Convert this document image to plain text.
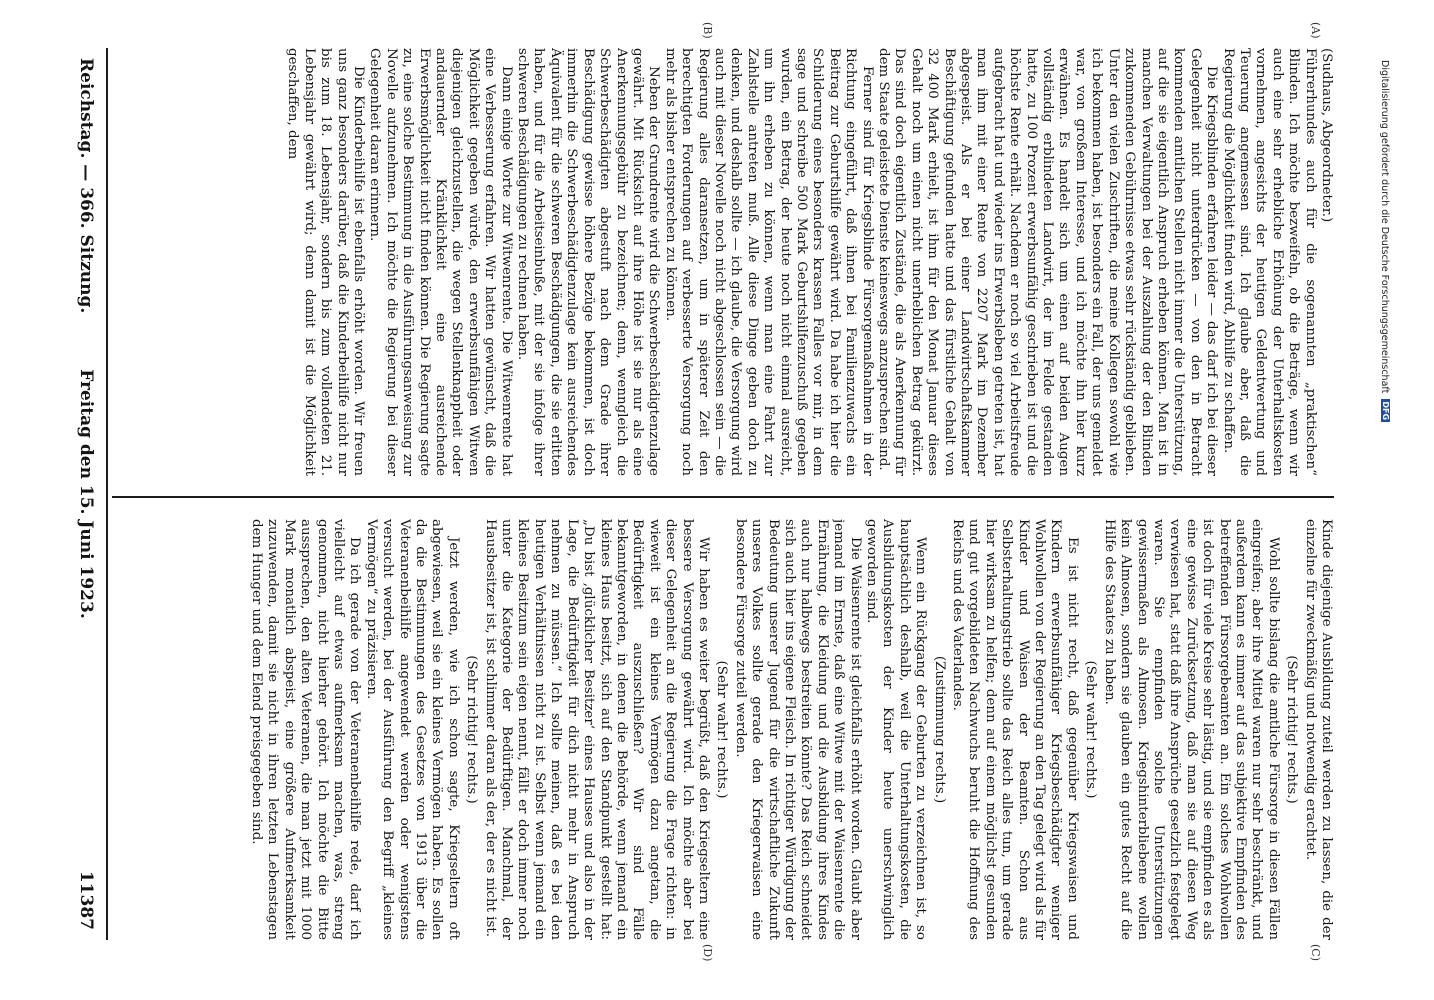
Reichstag. — 366. Sitzung.
Freitag den 15. Juni 1923.
11387
(A)
(B)
(C)
(D)

(Sudhaus, Abgeordneter.)

Führerhundes auch für die sogenannten „praktischen“ Blinden. Ich möchte bezweifeln, ob die Beträge, wenn wir auch eine sehr erhebliche Erhöhung der Unterhaltskosten vornehmen, angesichts der heutigen Geldentwertung und Teuerung angemessen sind. Ich glaube aber, daß die Regierung die Möglichkeit finden wird, Abhilfe zu schaffen.

Die Kriegsblinden erfahren leider — das darf ich bei dieser Gelegenheit nicht unterdrücken — von den in Betracht kommenden amtlichen Stellen nicht immer die Unterstützung, auf die sie eigentlich Anspruch erheben können. Man ist in manchen Verwaltungen bei der Auszahlung der den Blinden zukommenden Gebührnisse etwas sehr rückständig geblieben. Unter den vielen Zuschriften, die meine Kollegen sowohl wie ich bekommen haben, ist besonders ein Fall, der uns gemeldet war, von großem Interesse, und ich möchte ihn hier kurz erwähnen. Es handelt sich um einen auf beiden Augen vollständig erblindeten Landwirt, der im Felde gestanden hatte, zu 100 Prozent erwerbsunfähig geschrieben ist und die höchste Rente erhält. Nachdem er noch so viel Arbeitsfreude aufgebracht hat und wieder ins Erwerbsleben getreten ist, hat man ihm mit einer Rente von 2207 Mark im Dezember abgespeist. Als er bei einer Landwirtschaftskammer Beschäftigung gefunden hatte und das fürstliche Gehalt von 32 400 Mark erhielt, ist ihm für den Monat Januar dieses Gehalt noch um einen nicht unerheblichen Betrag gekürzt. Das sind doch eigentlich Zustände, die als Anerkennung für dem Staate geleistete Dienste keineswegs anzusprechen sind.

Ferner sind für Kriegsblinde Fürsorgemaßnahmen in der Richtung eingeführt, daß ihnen bei Familienzuwachs ein Beitrag zur Geburtshilfe gewährt wird. Da habe ich hier die Schilderung eines besonders krassen Falles vor mir, in dem sage und schreibe 500 Mark Geburtshilfenzuschuß gegeben wurden, ein Betrag, der heute noch nicht einmal ausreicht, um ihn erheben zu können, wenn man eine Fahrt zur Zahlstelle antreten muß. Alle diese Dinge geben doch zu denken, und deshalb sollte — ich glaube, die Versorgung wird auch mit dieser Novelle noch nicht abgeschlossen sein — die Regierung alles daransetzen, um in späterer Zeit den berechtigten Forderungen auf verbesserte Versorgung noch mehr als bisher entsprechen zu können.

Neben der Grundrente wird die Schwerbeschädigtenzulage gewährt. Mit Rücksicht auf ihre Höhe ist sie nur als eine Anerkennungsgebühr zu bezeichnen; denn, wenngleich die Schwerbeschädigten abgestuft nach dem Grade ihrer Beschädigung gewisse höhere Bezüge bekommen, ist doch immerhin die Schwerbeschädigtenzulage kein ausreichendes Äquivalent für die schweren Beschädigungen, die sie erlitten haben, und für die Arbeitseinbuße, mit der sie infolge ihrer schweren Beschädigungen zu rechnen haben.

Dann einige Worte zur Witwenrente. Die Witwenrente hat eine Verbesserung erfahren. Wir hatten gewünscht, daß die Möglichkeit gegeben würde, den erwerbsunfähigen Witwen diejenigen gleichzustellen, die wegen Stellenknappheit oder andauernder Kränklichkeit eine ausreichende Erwerbsmöglichkeit nicht finden können. Die Regierung sagte zu, eine solche Bestimmung in die Ausführungsanweisung zur Novelle aufzunehmen. Ich möchte die Regierung bei dieser Gelegenheit daran erinnern.

Die Kinderbeihilfe ist ebenfalls erhöht worden. Wir freuen uns ganz besonders darüber, daß die Kinderbeihilfe nicht nur bis zum 18. Lebensjahr, sondern bis zum vollendeten 21. Lebensjahr gewährt wird; denn damit ist die Möglichkeit geschaffen, dem

Kinde diejenige Ausbildung zuteil werden zu lassen, die der einzelne für zweckmäßig und notwendig erachtet.

(Sehr richtig! rechts.)

Wohl sollte bislang die amtliche Fürsorge in diesen Fällen eingreifen; aber ihre Mittel waren nur sehr beschränkt, und außerdem kann es immer auf das subjektive Empfinden des betreffenden Fürsorgebeamten an. Ein solches Wohlwollen ist doch für viele Kreise sehr lästig, und sie empfinden es als eine gewisse Zurücksetzung, daß man sie auf diesen Weg verwiesen hat, statt daß ihre Ansprüche gesetzlich festgelegt waren. Sie empfinden solche Unterstützungen gewissermaßen als Almosen. Kriegshinterbliebene wollen kein Almosen, sondern sie glauben ein gutes Recht auf die Hilfe des Staates zu haben.

(Sehr wahr! rechts.)

Es ist nicht recht, daß gegenüber Kriegswaisen und Kindern erwerbsunfähiger Kriegsbeschädigter weniger Wohlwollen von der Regierung an den Tag gelegt wird als für Kinder und Waisen der Beamten. Schon aus Selbsterhaltungstrieb sollte das Reich alles tun, um gerade hier wirksam zu helfen; denn auf einem möglichst gesunden und gut vorgebildeten Nachwuchs beruht die Hoffnung des Reichs und des Vaterlandes.

(Zustimmung rechts.)

Wenn ein Rückgang der Geburten zu verzeichnen ist, so hauptsächlich deshalb, weil die Unterhaltungskosten, die Ausbildungskosten der Kinder heute unerschwinglich geworden sind.

Die Waisenrente ist gleichfalls erhöht worden. Glaubt aber jemand im Ernste, daß eine Witwe mit der Waisenrente die Ernährung, die Kleidung und die Ausbildung ihres Kindes auch nur halbwegs bestreiten könnte? Das Reich schneidet sich auch hier ins eigene Fleisch. In richtiger Würdigung der Bedeutung unserer Jugend für die wirtschaftliche Zukunft unseres Volkes sollte gerade den Kriegerwaisen eine besondere Fürsorge zuteil werden.

(Sehr wahr! rechts.)

Wir haben es weiter begrüßt, daß den Kriegseltern eine bessere Versorgung gewährt wird. Ich möchte aber bei dieser Gelegenheit an die Regierung die Frage richten: in wieweit ist ein kleines Vermögen dazu angetan, die Bedürftigkeit auszuschließen? Wir sind Fälle bekanntgeworden, in denen die Behörde, wenn jemand ein kleines Haus besitzt, sich auf den Standpunkt gestellt hat: „Du bist ‚glücklicher Besitzer‘ eines Hauses und also in der Lage, die Bedürftigkeit für dich nicht mehr in Anspruch nehmen zu müssen.“ Ich sollte meinen, daß es bei den heutigen Verhältnissen nicht zu ist. Selbst wenn jemand ein kleines Besitzum sein eigen nennt, fällt er doch immer noch unter die Kategorie der Bedürftigen. Manchmal, der Hausbesitzer ist, ist schlimmer daran als der, der es nicht ist.

(Sehr richtig! rechts.)

Jetzt werden, wie ich schon sagte, Kriegseltern oft abgewiesen, weil sie ein kleines Vermögen haben. Es sollen da die Bestimmungen des Gesetzes von 1913 über die Veteranenbeihilfe angewendet werden oder wenigstens versucht werden, bei der Ausführung den Begriff „kleines Vermögen“ zu präzisieren.

Da ich gerade von der Veteranenbeihilfe rede, darf ich vielleicht auf etwas aufmerksam machen, was, streng genommen, nicht hierher gehört. Ich möchte die Bitte aussprechen, den alten Veteranen, die man jetzt mit 1000 Mark monatlich abspeist, eine größere Aufmerksamkeit zuzuwenden, damit sie nicht in ihren letzten Lebenstagen dem Hunger und dem Elend preisgegeben sind.

Digitalisierung gefördert durch die Deutsche Forschungsgemeinschaft DFG
